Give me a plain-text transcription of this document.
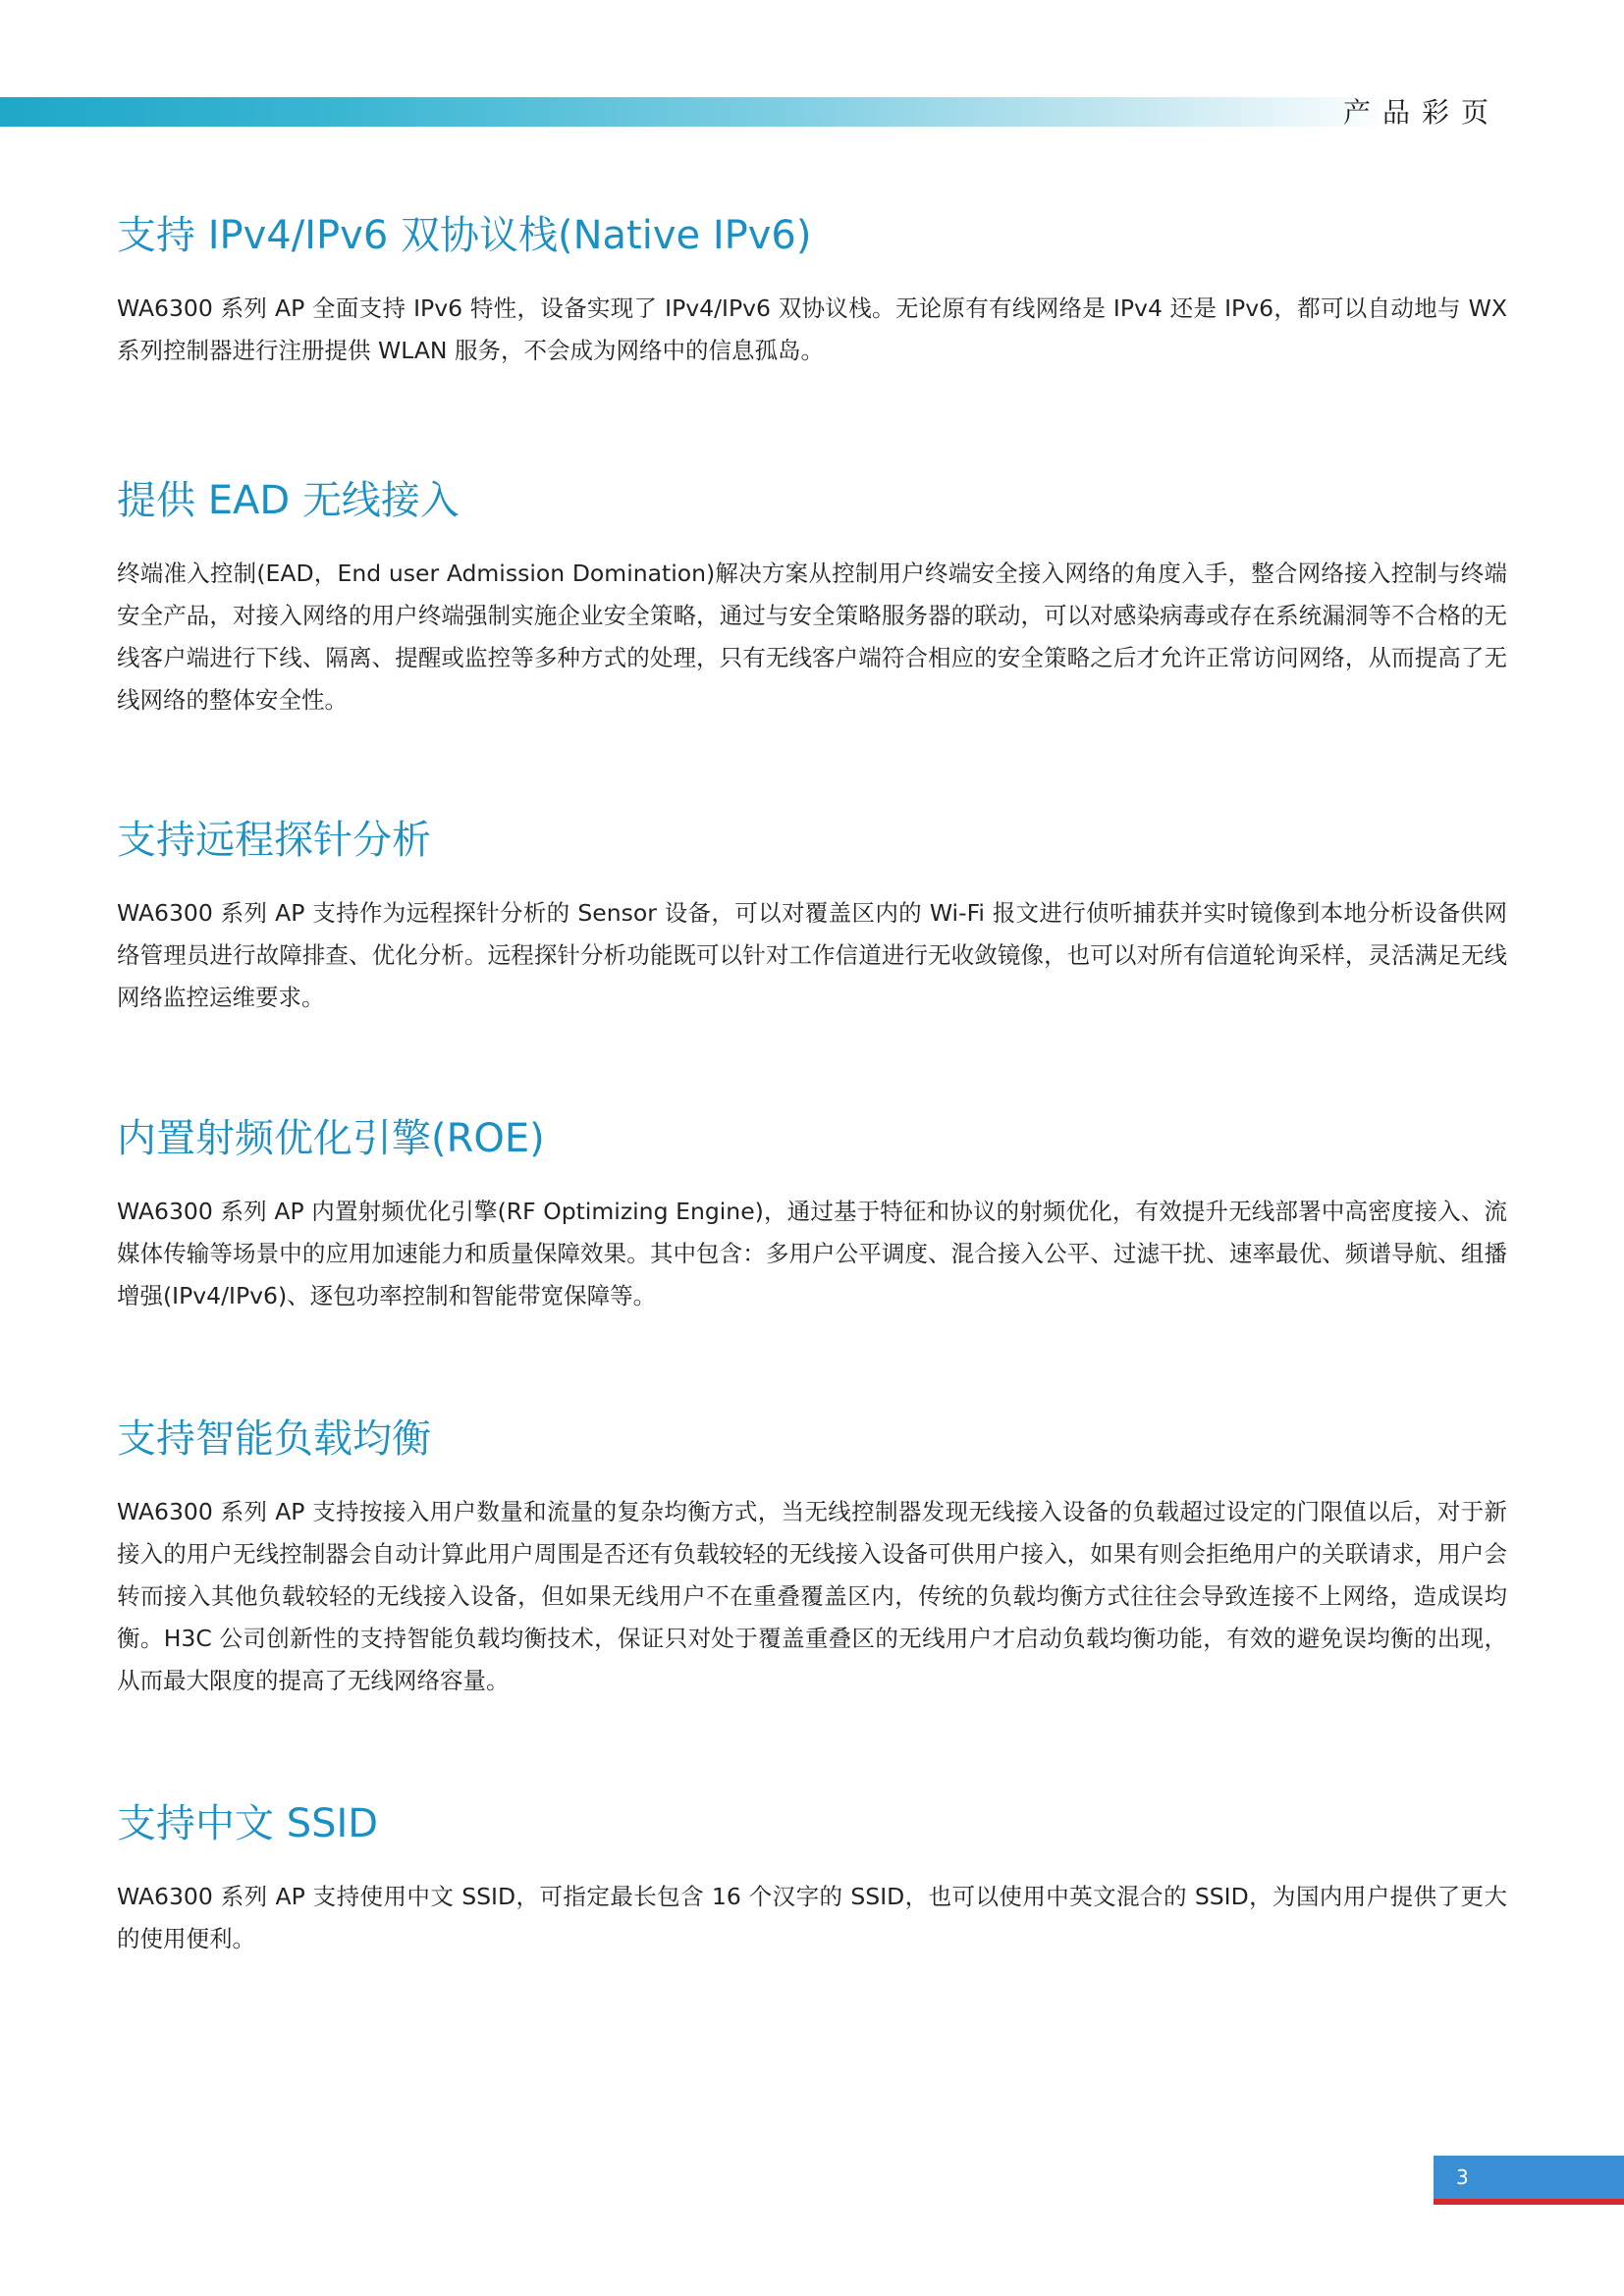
产品彩页
支持 IPv4/IPv6 双协议栈(Native IPv6)

WA6300 系列 AP 全面支持 IPv6 特性，设备实现了 IPv4/IPv6 双协议栈。无论原有有线网络是 IPv4 还是 IPv6，都可以自动地与 WX 系列控制器进行注册提供 WLAN 服务，不会成为网络中的信息孤岛。

提供 EAD 无线接入

终端准入控制(EAD，End user Admission Domination)解决方案从控制用户终端安全接入网络的角度入手，整合网络接入控制与终端安全产品，对接入网络的用户终端强制实施企业安全策略，通过与安全策略服务器的联动，可以对感染病毒或存在系统漏洞等不合格的无线客户端进行下线、隔离、提醒或监控等多种方式的处理，只有无线客户端符合相应的安全策略之后才允许正常访问网络，从而提高了无线网络的整体安全性。

支持远程探针分析

WA6300 系列 AP 支持作为远程探针分析的 Sensor 设备，可以对覆盖区内的 Wi-Fi 报文进行侦听捕获并实时镜像到本地分析设备供网络管理员进行故障排查、优化分析。远程探针分析功能既可以针对工作信道进行无收敛镜像，也可以对所有信道轮询采样，灵活满足无线网络监控运维要求。

内置射频优化引擎(ROE)

WA6300 系列 AP 内置射频优化引擎(RF Optimizing Engine)，通过基于特征和协议的射频优化，有效提升无线部署中高密度接入、流媒体传输等场景中的应用加速能力和质量保障效果。其中包含：多用户公平调度、混合接入公平、过滤干扰、速率最优、频谱导航、组播增强(IPv4/IPv6)、逐包功率控制和智能带宽保障等。

支持智能负载均衡

WA6300 系列 AP 支持按接入用户数量和流量的复杂均衡方式，当无线控制器发现无线接入设备的负载超过设定的门限值以后，对于新接入的用户无线控制器会自动计算此用户周围是否还有负载较轻的无线接入设备可供用户接入，如果有则会拒绝用户的关联请求，用户会转而接入其他负载较轻的无线接入设备，但如果无线用户不在重叠覆盖区内，传统的负载均衡方式往往会导致连接不上网络，造成误均衡。H3C 公司创新性的支持智能负载均衡技术，保证只对处于覆盖重叠区的无线用户才启动负载均衡功能，有效的避免误均衡的出现，从而最大限度的提高了无线网络容量。

支持中文 SSID

WA6300 系列 AP 支持使用中文 SSID，可指定最长包含 16 个汉字的 SSID，也可以使用中英文混合的 SSID，为国内用户提供了更大的使用便利。

3
